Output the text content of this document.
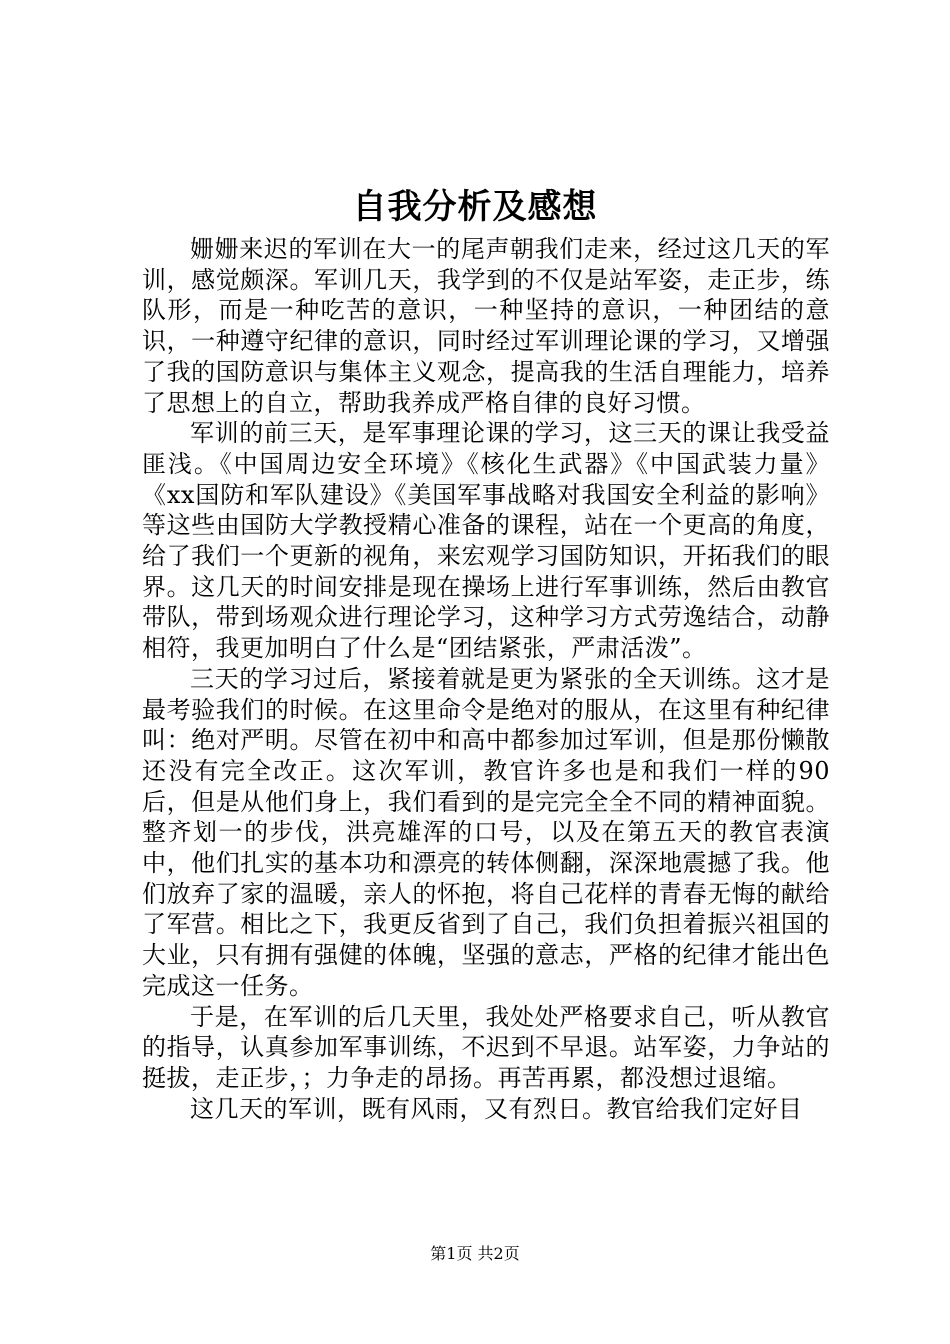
自我分析及感想

姗姗来迟的军训在大一的尾声朝我们走来，经过这几天的军训，感觉颇深。军训几天，我学到的不仅是站军姿，走正步，练队形，而是一种吃苦的意识，一种坚持的意识，一种团结的意识，一种遵守纪律的意识，同时经过军训理论课的学习，又增强了我的国防意识与集体主义观念，提高我的生活自理能力，培养了思想上的自立，帮助我养成严格自律的良好习惯。

军训的前三天，是军事理论课的学习，这三天的课让我受益匪浅。《中国周边安全环境》《核化生武器》《中国武装力量》《xx国防和军队建设》《美国军事战略对我国安全利益的影响》等这些由国防大学教授精心准备的课程，站在一个更高的角度，给了我们一个更新的视角，来宏观学习国防知识，开拓我们的眼界。这几天的时间安排是现在操场上进行军事训练，然后由教官带队，带到场观众进行理论学习，这种学习方式劳逸结合，动静相符，我更加明白了什么是“团结紧张，严肃活泼”。

三天的学习过后，紧接着就是更为紧张的全天训练。这才是最考验我们的时候。在这里命令是绝对的服从，在这里有种纪律叫：绝对严明。尽管在初中和高中都参加过军训，但是那份懒散还没有完全改正。这次军训，教官许多也是和我们一样的90后，但是从他们身上，我们看到的是完完全全不同的精神面貌。整齐划一的步伐，洪亮雄浑的口号，以及在第五天的教官表演中，他们扎实的基本功和漂亮的转体侧翻，深深地震撼了我。他们放弃了家的温暖，亲人的怀抱，将自己花样的青春无悔的献给了军营。相比之下，我更反省到了自己，我们负担着振兴祖国的大业，只有拥有强健的体魄，坚强的意志，严格的纪律才能出色完成这一任务。

于是，在军训的后几天里，我处处严格要求自己，听从教官的指导，认真参加军事训练，不迟到不早退。站军姿，力争站的挺拔，走正步，；力争走的昂扬。再苦再累，都没想过退缩。

这几天的军训，既有风雨，又有烈日。教官给我们定好目

第1页 共2页
